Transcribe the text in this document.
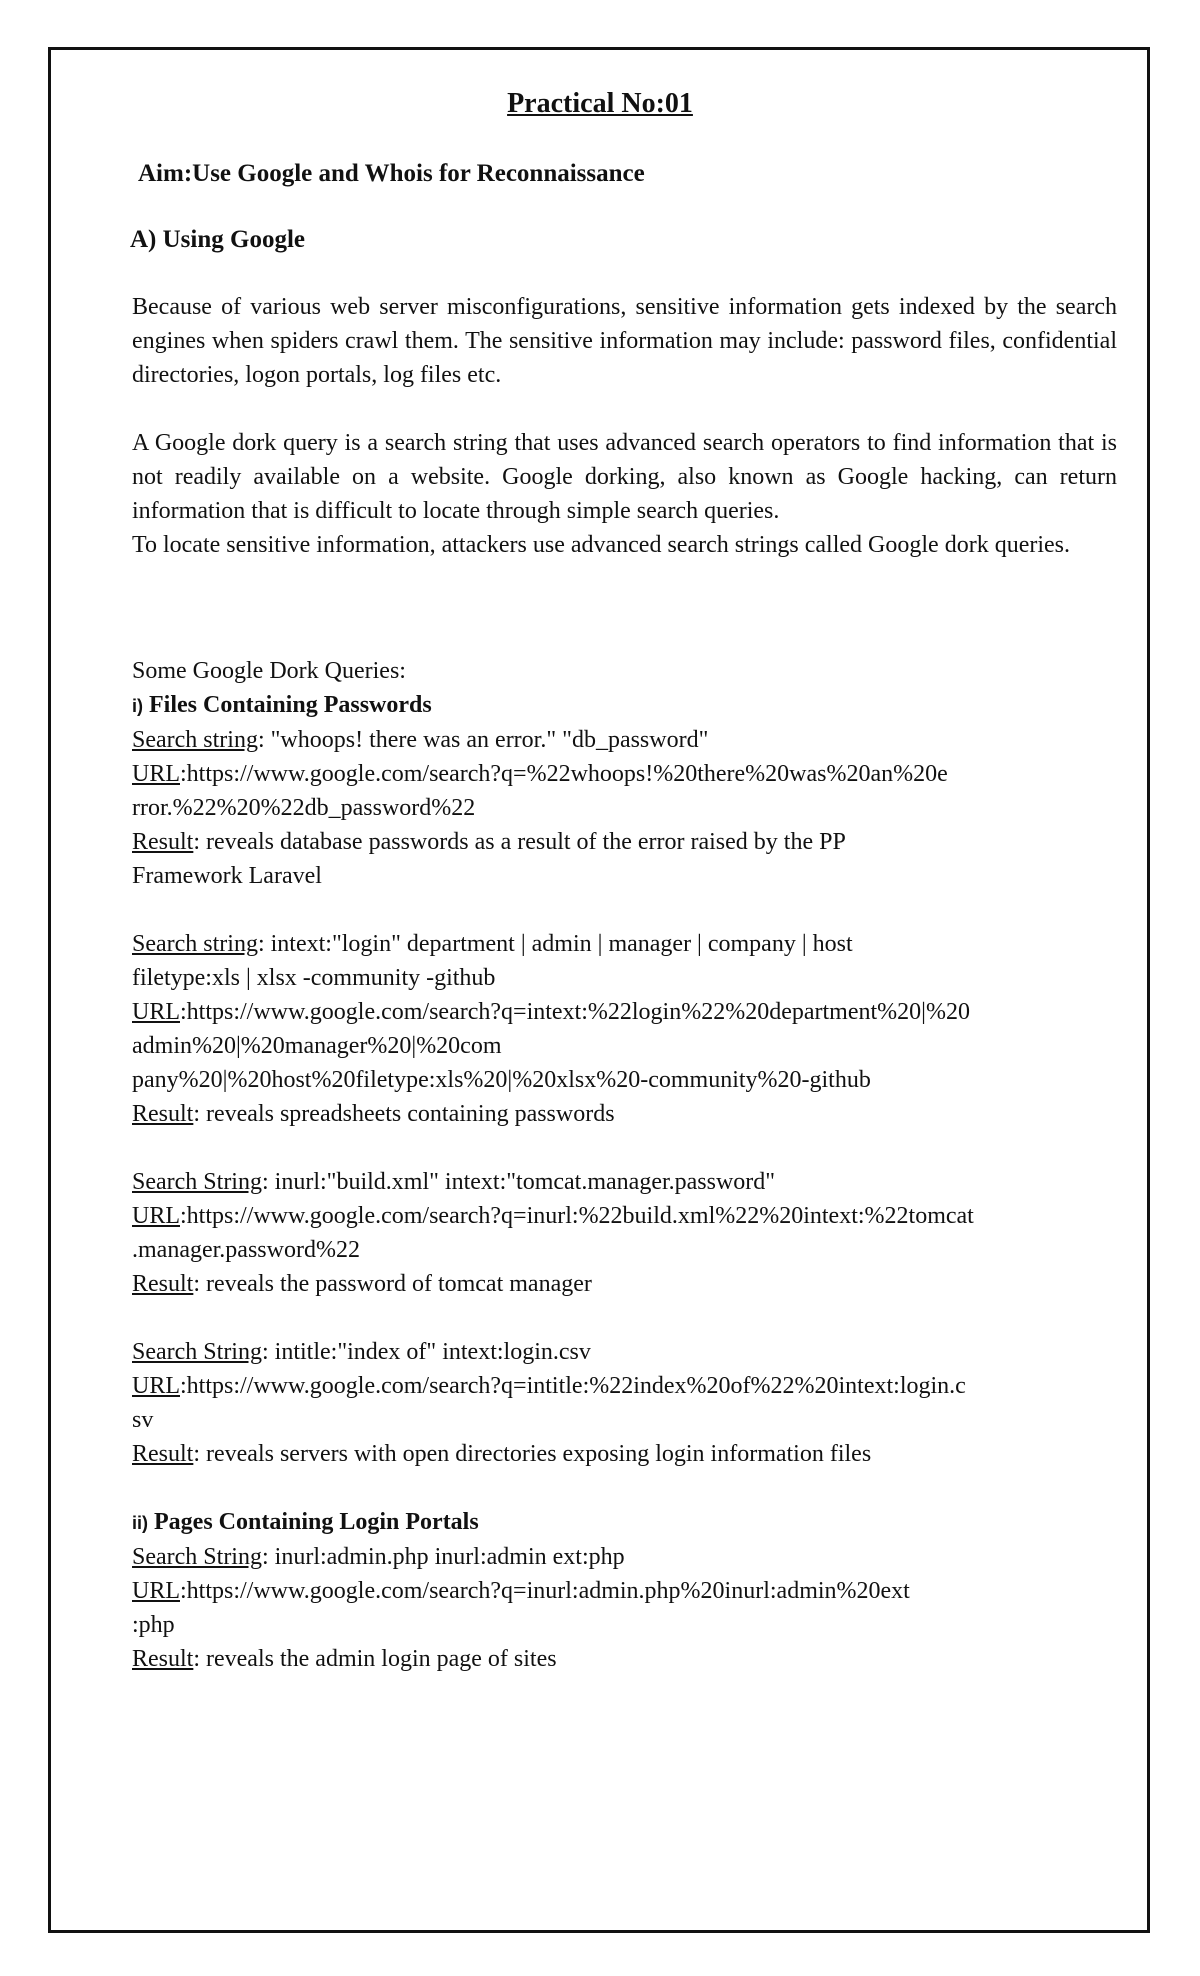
Practical No:01
Aim:Use Google and Whois for Reconnaissance
A) Using Google

Because of various web server misconfigurations, sensitive information gets indexed by the search engines when spiders crawl them. The sensitive information may include: password files, confidential directories, logon portals, log files etc.

A Google dork query is a search string that uses advanced search operators to find information that is not readily available on a website. Google dorking, also known as Google hacking, can return information that is difficult to locate through simple search queries.

To locate sensitive information, attackers use advanced search strings called Google dork queries.

Some Google Dork Queries:

i) Files Containing Passwords

Search string: "whoops! there was an error." "db_password"

URL:https://www.google.com/search?q=%22whoops!%20there%20was%20an%20e

rror.%22%20%22db_password%22

Result: reveals database passwords as a result of the error raised by the PP

Framework Laravel

Search string: intext:"login" department | admin | manager | company | host

filetype:xls | xlsx -community -github

URL:https://www.google.com/search?q=intext:%22login%22%20department%20|%20

admin%20|%20manager%20|%20com

pany%20|%20host%20filetype:xls%20|%20xlsx%20-community%20-github

Result: reveals spreadsheets containing passwords

Search String: inurl:"build.xml" intext:"tomcat.manager.password"

URL:https://www.google.com/search?q=inurl:%22build.xml%22%20intext:%22tomcat

.manager.password%22

Result: reveals the password of tomcat manager

Search String: intitle:"index of" intext:login.csv

URL:https://www.google.com/search?q=intitle:%22index%20of%22%20intext:login.c

sv

Result: reveals servers with open directories exposing login information files

ii) Pages Containing Login Portals

Search String: inurl:admin.php inurl:admin ext:php

URL:https://www.google.com/search?q=inurl:admin.php%20inurl:admin%20ext

:php

Result: reveals the admin login page of sites
